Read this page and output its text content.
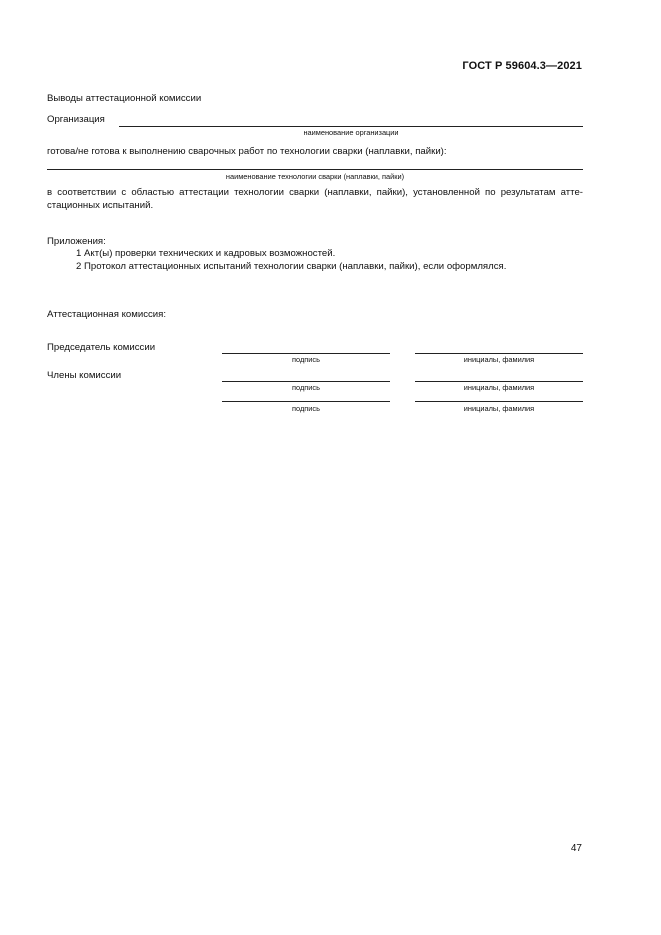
ГОСТ Р 59604.3—2021
Выводы аттестационной комиссии
Организация
наименование организации
готова/не готова к выполнению сварочных работ по технологии сварки (наплавки, пайки):
наименование технологии сварки (наплавки, пайки)
в соответствии с областью аттестации технологии сварки (наплавки, пайки), установленной по результатам атте-
стационных испытаний.
Приложения:
1 Акт(ы) проверки технических и кадровых возможностей.
2 Протокол аттестационных испытаний технологии сварки (наплавки, пайки), если оформлялся.
Аттестационная комиссия:
Председатель комиссии
подпись	инициалы, фамилия
Члены комиссии
подпись	инициалы, фамилия
подпись	инициалы, фамилия
47
